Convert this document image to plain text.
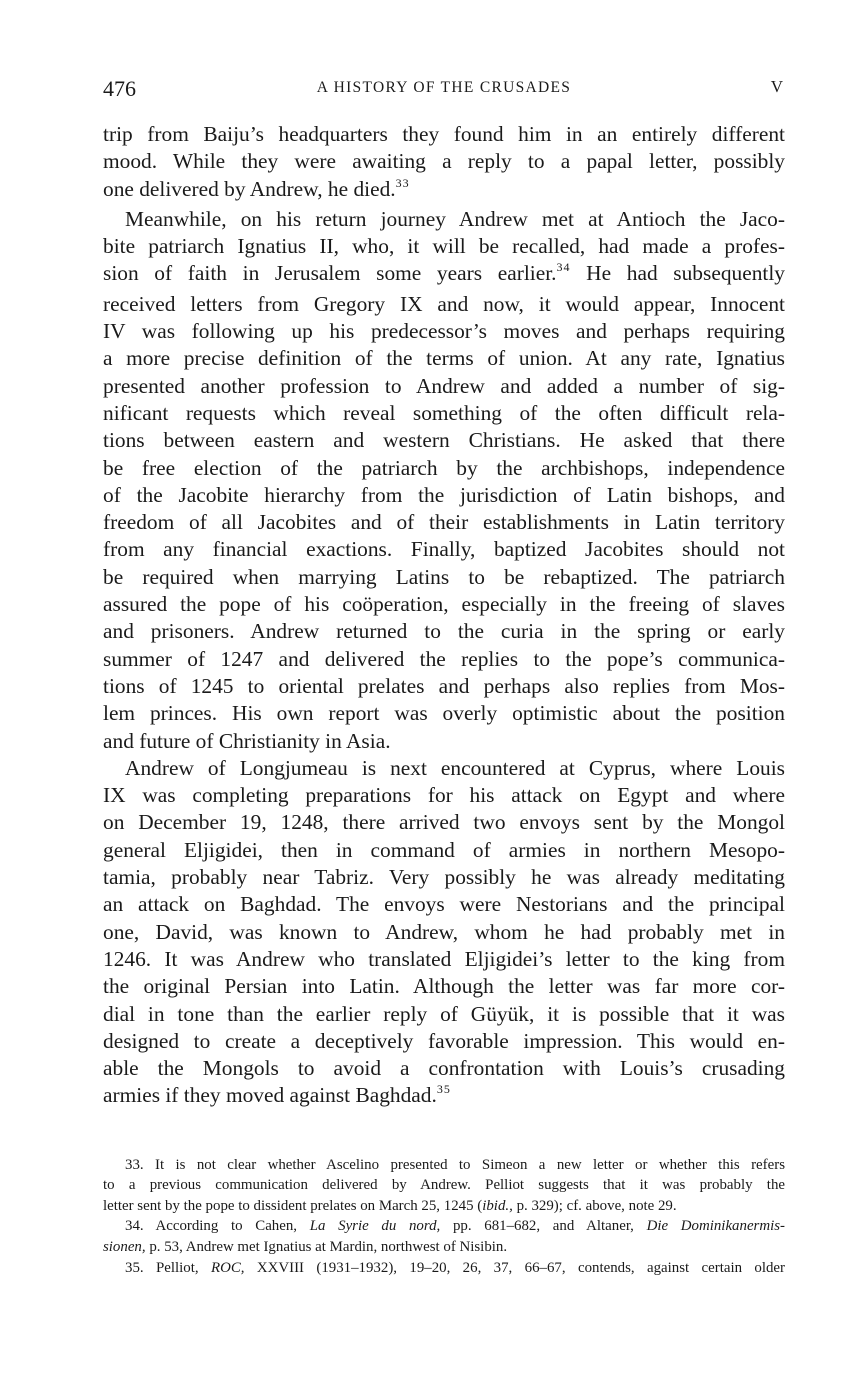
476	A HISTORY OF THE CRUSADES	V
trip from Baiju’s headquarters they found him in an entirely different
mood. While they were awaiting a reply to a papal letter, possibly
one delivered by Andrew, he died.$^{33}$
Meanwhile, on his return journey Andrew met at Antioch the Jaco-
bite patriarch Ignatius II, who, it will be recalled, had made a profes-
sion of faith in Jerusalem some years earlier.$^{34}$ He had subsequently
received letters from Gregory IX and now, it would appear, Innocent
IV was following up his predecessor’s moves and perhaps requiring
a more precise definition of the terms of union. At any rate, Ignatius
presented another profession to Andrew and added a number of sig-
nificant requests which reveal something of the often difficult rela-
tions between eastern and western Christians. He asked that there
be free election of the patriarch by the archbishops, independence
of the Jacobite hierarchy from the jurisdiction of Latin bishops, and
freedom of all Jacobites and of their establishments in Latin territory
from any financial exactions. Finally, baptized Jacobites should not
be required when marrying Latins to be rebaptized. The patriarch
assured the pope of his coöperation, especially in the freeing of slaves
and prisoners. Andrew returned to the curia in the spring or early
summer of 1247 and delivered the replies to the pope’s communica-
tions of 1245 to oriental prelates and perhaps also replies from Mos-
lem princes. His own report was overly optimistic about the position
and future of Christianity in Asia.
Andrew of Longjumeau is next encountered at Cyprus, where Louis
IX was completing preparations for his attack on Egypt and where
on December 19, 1248, there arrived two envoys sent by the Mongol
general Eljigidei, then in command of armies in northern Mesopo-
tamia, probably near Tabriz. Very possibly he was already meditating
an attack on Baghdad. The envoys were Nestorians and the principal
one, David, was known to Andrew, whom he had probably met in
1246. It was Andrew who translated Eljigidei’s letter to the king from
the original Persian into Latin. Although the letter was far more cor-
dial in tone than the earlier reply of Güyük, it is possible that it was
designed to create a deceptively favorable impression. This would en-
able the Mongols to avoid a confrontation with Louis’s crusading
armies if they moved against Baghdad.$^{35}$
33. It is not clear whether Ascelino presented to Simeon a new letter or whether this refers
to a previous communication delivered by Andrew. Pelliot suggests that it was probably the
letter sent by the pope to dissident prelates on March 25, 1245 (ibid., p. 329); cf. above, note 29.
34. According to Cahen, La Syrie du nord, pp. 681–682, and Altaner, Die Dominikanermis-
sionen, p. 53, Andrew met Ignatius at Mardin, northwest of Nisibin.
35. Pelliot, ROC, XXVIII (1931–1932), 19–20, 26, 37, 66–67, contends, against certain older
